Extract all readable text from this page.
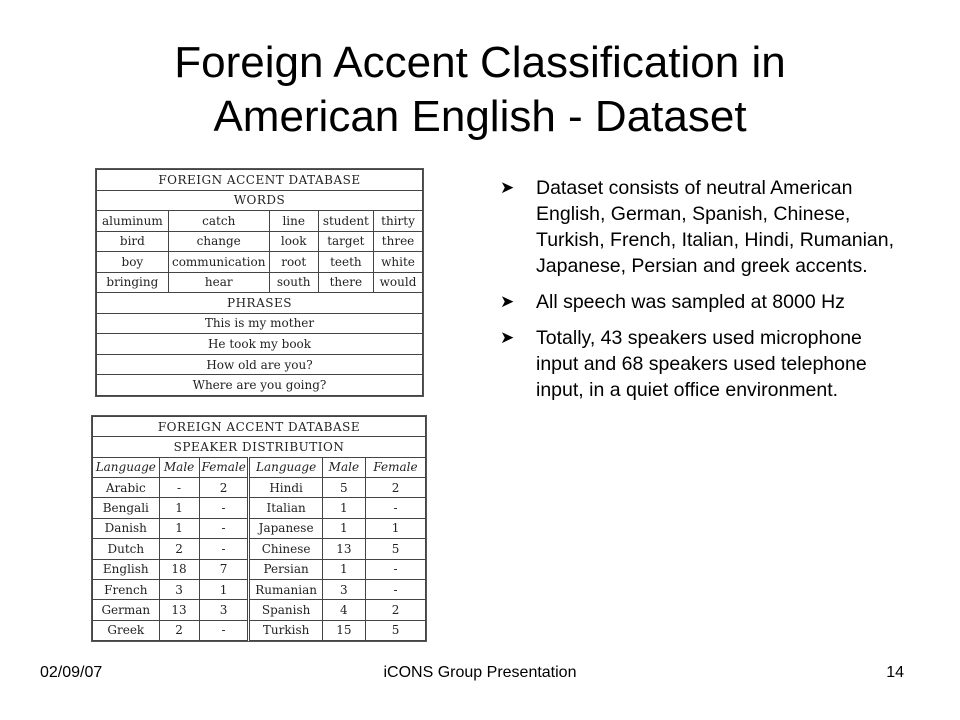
Foreign Accent Classification in
American English - Dataset
FOREIGN ACCENT DATABASE				
WORDS				
aluminum	catch	line	student	thirty
bird	change	look	target	three
boy	communication	root	teeth	white
bringing	hear	south	there	would
PHRASES				
This is my mother				
He took my book				
How old are you?				
Where are you going?				
FOREIGN ACCENT DATABASE					
SPEAKER DISTRIBUTION					
Language	Male	Female	Language	Male	Female
Arabic	-	2	Hindi	5	2
Bengali	1	-	Italian	1	-
Danish	1	-	Japanese	1	1
Dutch	2	-	Chinese	13	5
English	18	7	Persian	1	-
French	3	1	Rumanian	3	-
German	13	3	Spanish	4	2
Greek	2	-	Turkish	15	5
➤ Dataset consists of neutral American English, German, Spanish, Chinese, Turkish, French, Italian, Hindi, Rumanian, Japanese, Persian and greek accents.
➤ All speech was sampled at 8000 Hz
➤ Totally, 43 speakers used microphone input and 68 speakers used telephone input, in a quiet office environment.
02/09/07	iCONS Group Presentation	14
